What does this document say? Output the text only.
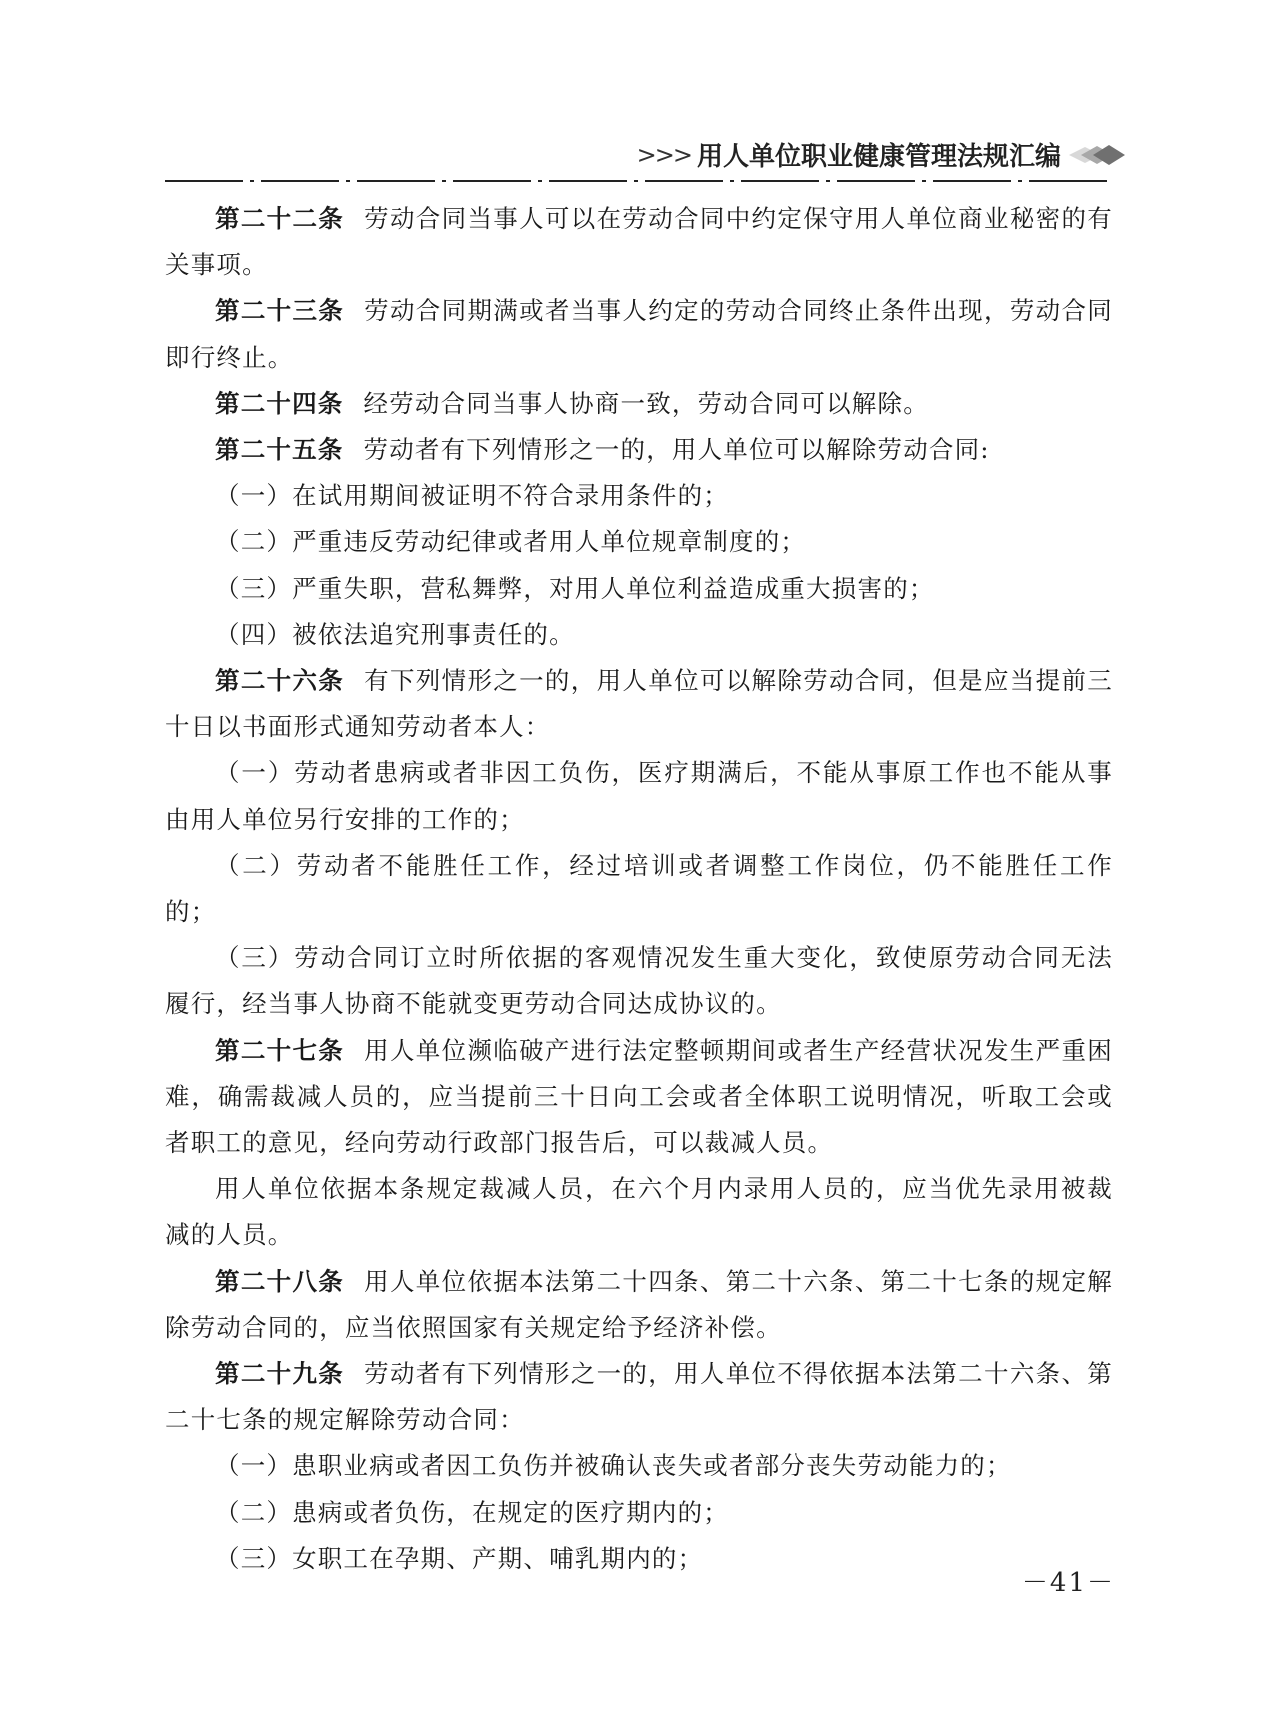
>>> 用人单位职业健康管理法规汇编

第二十二条 劳动合同当事人可以在劳动合同中约定保守用人单位商业秘密的有关事项。

第二十三条 劳动合同期满或者当事人约定的劳动合同终止条件出现，劳动合同即行终止。

第二十四条 经劳动合同当事人协商一致，劳动合同可以解除。

第二十五条 劳动者有下列情形之一的，用人单位可以解除劳动合同:

（一）在试用期间被证明不符合录用条件的；

（二）严重违反劳动纪律或者用人单位规章制度的；

（三）严重失职，营私舞弊，对用人单位利益造成重大损害的；

（四）被依法追究刑事责任的。

第二十六条 有下列情形之一的，用人单位可以解除劳动合同，但是应当提前三十日以书面形式通知劳动者本人：

（一）劳动者患病或者非因工负伤，医疗期满后，不能从事原工作也不能从事由用人单位另行安排的工作的；

（二）劳动者不能胜任工作，经过培训或者调整工作岗位，仍不能胜任工作的；

（三）劳动合同订立时所依据的客观情况发生重大变化，致使原劳动合同无法履行，经当事人协商不能就变更劳动合同达成协议的。

第二十七条 用人单位濒临破产进行法定整顿期间或者生产经营状况发生严重困难，确需裁减人员的，应当提前三十日向工会或者全体职工说明情况，听取工会或者职工的意见，经向劳动行政部门报告后，可以裁减人员。

用人单位依据本条规定裁减人员，在六个月内录用人员的，应当优先录用被裁减的人员。

第二十八条 用人单位依据本法第二十四条、第二十六条、第二十七条的规定解除劳动合同的，应当依照国家有关规定给予经济补偿。

第二十九条 劳动者有下列情形之一的，用人单位不得依据本法第二十六条、第二十七条的规定解除劳动合同：

（一）患职业病或者因工负伤并被确认丧失或者部分丧失劳动能力的；

（二）患病或者负伤，在规定的医疗期内的；

（三）女职工在孕期、产期、哺乳期内的；

－41－
